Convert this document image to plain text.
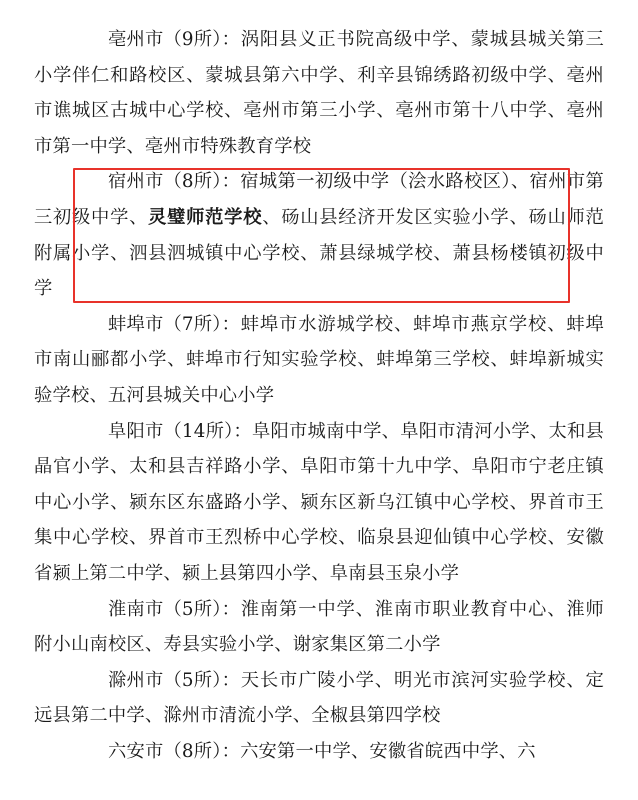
亳州市（9所）：涡阳县义正书院高级中学、蒙城县城关第三小学伴仁和路校区、蒙城县第六中学、利辛县锦绣路初级中学、亳州市谯城区古城中心学校、亳州市第三小学、亳州市第十八中学、亳州市第一中学、亳州市特殊教育学校

宿州市（8所）：宿城第一初级中学（浍水路校区）、宿州市第三初级中学、灵璧师范学校、砀山县经济开发区实验小学、砀山师范附属小学、泗县泗城镇中心学校、萧县绿城学校、萧县杨楼镇初级中学

蚌埠市（7所）：蚌埠市水游城学校、蚌埠市燕京学校、蚌埠市南山郦都小学、蚌埠市行知实验学校、蚌埠第三学校、蚌埠新城实验学校、五河县城关中心小学

阜阳市（14所）：阜阳市城南中学、阜阳市清河小学、太和县晶官小学、太和县吉祥路小学、阜阳市第十九中学、阜阳市宁老庄镇中心小学、颍东区东盛路小学、颍东区新乌江镇中心学校、界首市王集中心学校、界首市王烈桥中心学校、临泉县迎仙镇中心学校、安徽省颍上第二中学、颍上县第四小学、阜南县玉泉小学

淮南市（5所）：淮南第一中学、淮南市职业教育中心、淮师附小山南校区、寿县实验小学、谢家集区第二小学

滁州市（5所）：天长市广陵小学、明光市滨河实验学校、定远县第二中学、滁州市清流小学、全椒县第四学校

六安市（8所）：六安第一中学、安徽省皖西中学、六
